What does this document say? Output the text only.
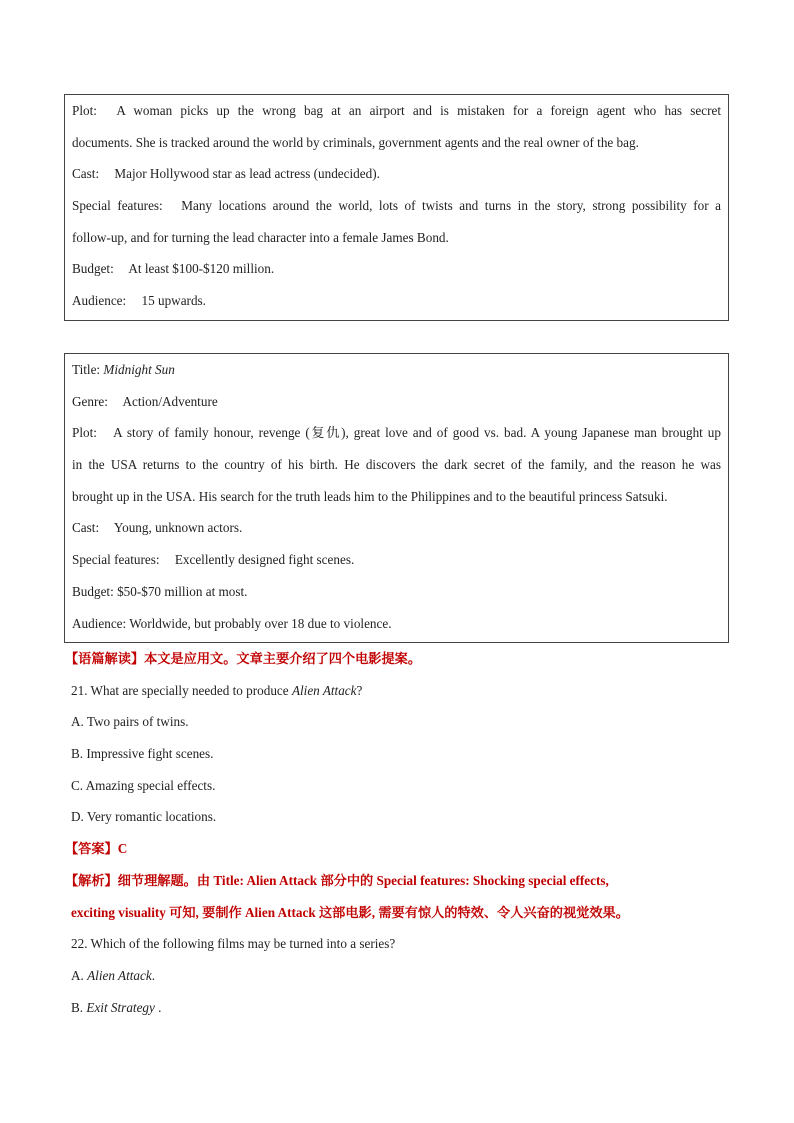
Plot: A woman picks up the wrong bag at an airport and is mistaken for a foreign agent who has secret
documents. She is tracked around the world by criminals, government agents and the real owner of the bag.
Cast: Major Hollywood star as lead actress (undecided).
Special features: Many locations around the world, lots of twists and turns in the story, strong possibility for a
follow-up, and for turning the lead character into a female James Bond.
Budget: At least $100-$120 million.
Audience: 15 upwards.
Title: Midnight Sun
Genre: Action/Adventure
Plot: A story of family honour, revenge (复仇), great love and of good vs. bad. A young Japanese man brought up
in the USA returns to the country of his birth. He discovers the dark secret of the family, and the reason he was
brought up in the USA. His search for the truth leads him to the Philippines and to the beautiful princess Satsuki.
Cast: Young, unknown actors.
Special features: Excellently designed fight scenes.
Budget: $50-$70 million at most.
Audience: Worldwide, but probably over 18 due to violence.
【语篇解读】本文是应用文。文章主要介绍了四个电影提案。
21. What are specially needed to produce Alien Attack?
A. Two pairs of twins.
B. Impressive fight scenes.
C. Amazing special effects.
D. Very romantic locations.
【答案】C
【解析】细节理解题。由 Title: Alien Attack 部分中的 Special features: Shocking special effects,
exciting visuality 可知, 要制作 Alien Attack 这部电影, 需要有惊人的特效、令人兴奋的视觉效果。
22. Which of the following films may be turned into a series?
A. Alien Attack.
B. Exit Strategy .
